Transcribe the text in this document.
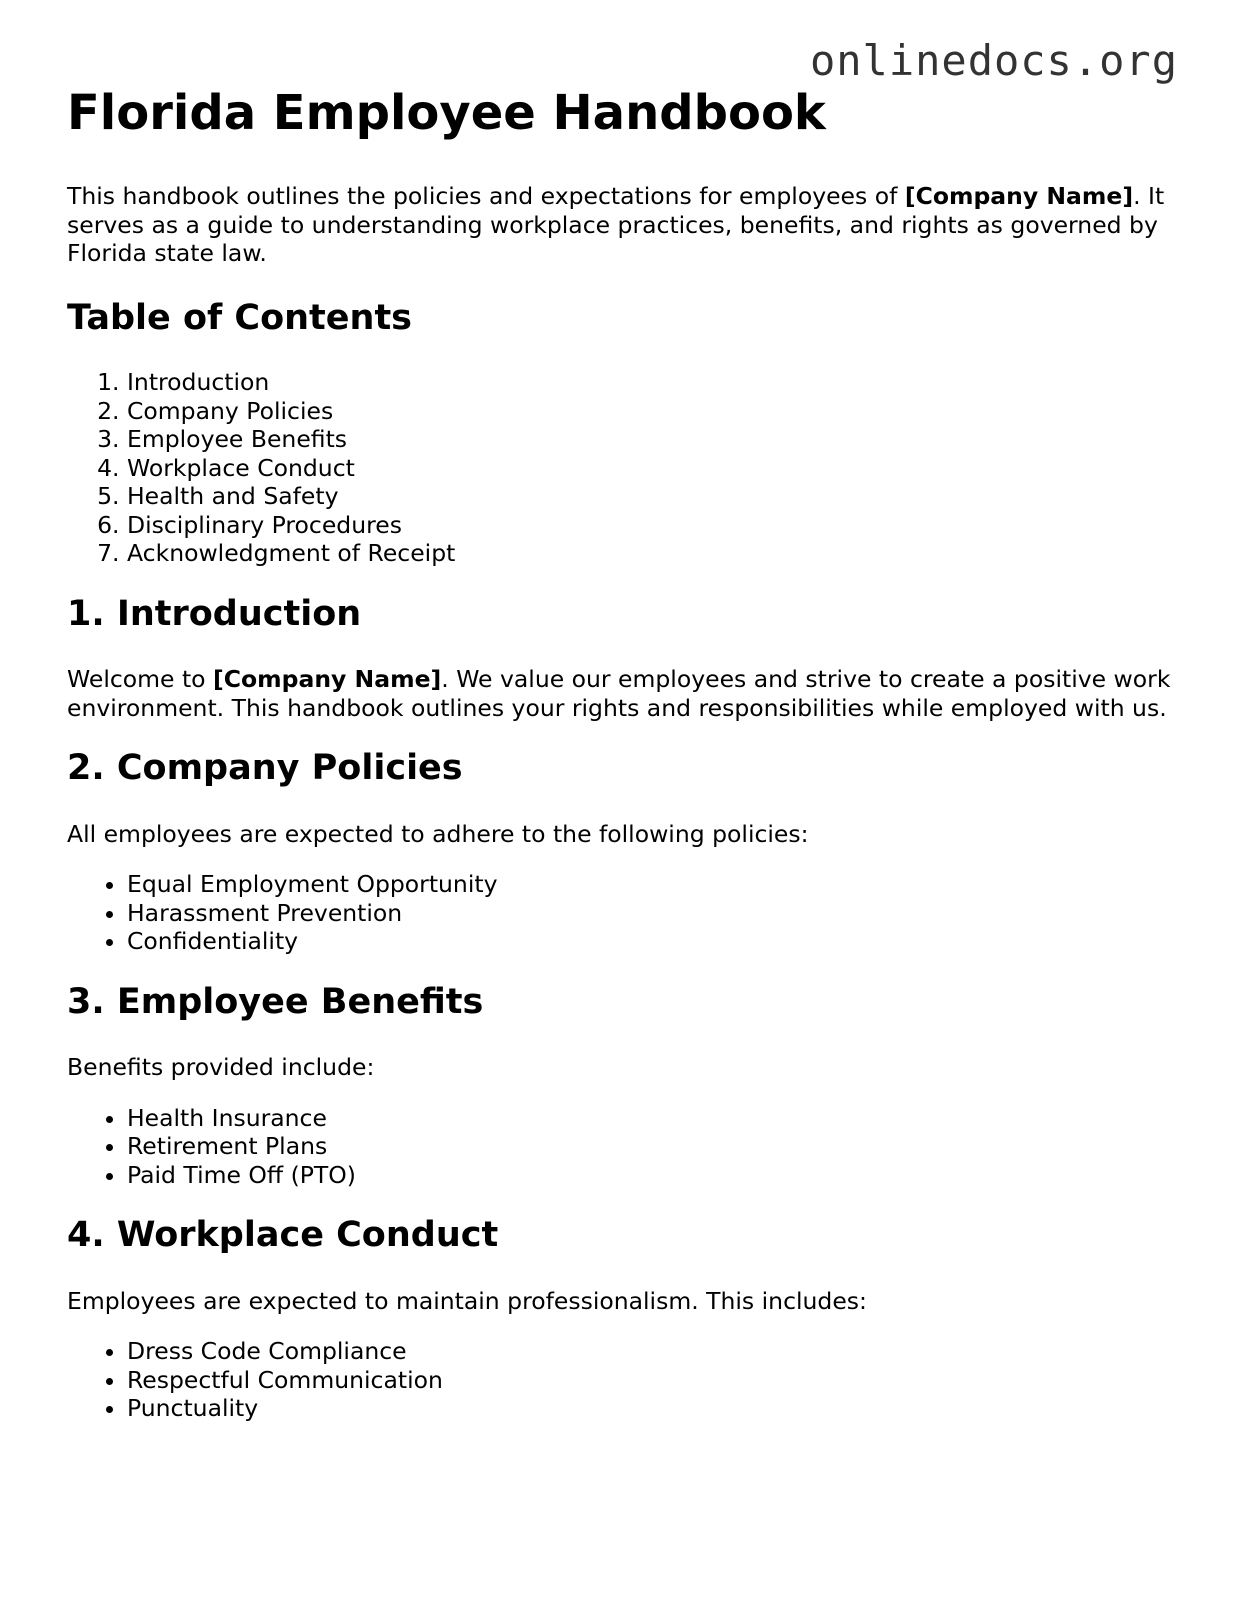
onlinedocs.org
Florida Employee Handbook

This handbook outlines the policies and expectations for employees of [Company Name]. It serves as a guide to understanding workplace practices, benefits, and rights as governed by Florida state law.

Table of Contents
1. Introduction
2. Company Policies
3. Employee Benefits
4. Workplace Conduct
5. Health and Safety
6. Disciplinary Procedures
7. Acknowledgment of Receipt
1. Introduction

Welcome to [Company Name]. We value our employees and strive to create a positive work environment. This handbook outlines your rights and responsibilities while employed with us.

2. Company Policies

All employees are expected to adhere to the following policies:

• Equal Employment Opportunity
• Harassment Prevention
• Confidentiality
3. Employee Benefits

Benefits provided include:

• Health Insurance
• Retirement Plans
• Paid Time Off (PTO)
4. Workplace Conduct

Employees are expected to maintain professionalism. This includes:

• Dress Code Compliance
• Respectful Communication
• Punctuality
